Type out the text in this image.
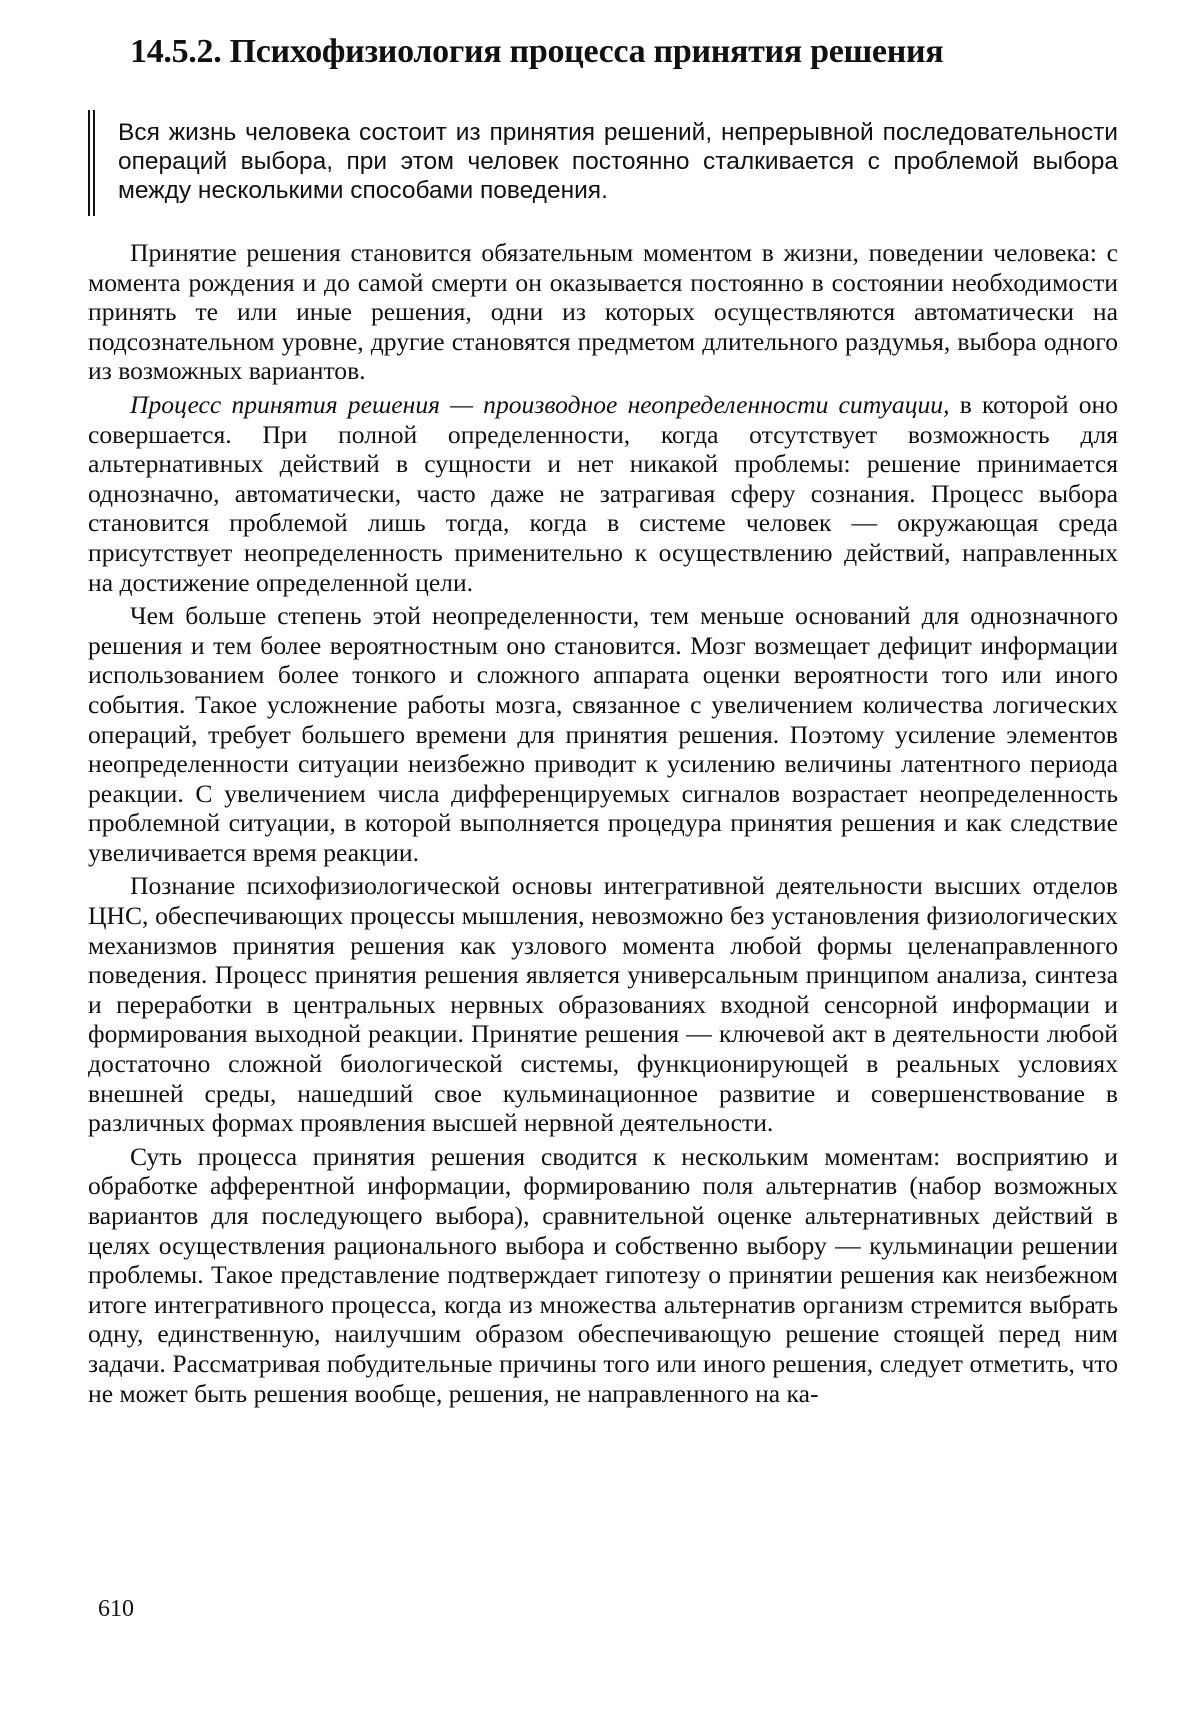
14.5.2. Психофизиология процесса принятия решения
Вся жизнь человека состоит из принятия решений, непрерывной последовательности операций выбора, при этом человек постоянно сталкивается с проблемой выбора между несколькими способами поведения.

Принятие решения становится обязательным моментом в жизни, поведении человека: с момента рождения и до самой смерти он оказывается постоянно в состоянии необходимости принять те или иные решения, одни из которых осуществляются автоматически на подсознательном уровне, другие становятся предметом длительного раздумья, выбора одного из возможных вариантов.

Процесс принятия решения — производное неопределенности ситуации, в которой оно совершается. При полной определенности, когда отсутствует возможность для альтернативных действий в сущности и нет никакой проблемы: решение принимается однозначно, автоматически, часто даже не затрагивая сферу сознания. Процесс выбора становится проблемой лишь тогда, когда в системе человек — окружающая среда присутствует неопределенность применительно к осуществлению действий, направленных на достижение определенной цели.

Чем больше степень этой неопределенности, тем меньше оснований для однозначного решения и тем более вероятностным оно становится. Мозг возмещает дефицит информации использованием более тонкого и сложного аппарата оценки вероятности того или иного события. Такое усложнение работы мозга, связанное с увеличением количества логических операций, требует большего времени для принятия решения. Поэтому усиление элементов неопределенности ситуации неизбежно приводит к усилению величины латентного периода реакции. С увеличением числа дифференцируемых сигналов возрастает неопределенность проблемной ситуации, в которой выполняется процедура принятия решения и как следствие увеличивается время реакции.

Познание психофизиологической основы интегративной деятельности высших отделов ЦНС, обеспечивающих процессы мышления, невозможно без установления физиологических механизмов принятия решения как узлового момента любой формы целенаправленного поведения. Процесс принятия решения является универсальным принципом анализа, синтеза и переработки в центральных нервных образованиях входной сенсорной информации и формирования выходной реакции. Принятие решения — ключевой акт в деятельности любой достаточно сложной биологической системы, функционирующей в реальных условиях внешней среды, нашедший свое кульминационное развитие и совершенствование в различных формах проявления высшей нервной деятельности.

Суть процесса принятия решения сводится к нескольким моментам: восприятию и обработке афферентной информации, формированию поля альтернатив (набор возможных вариантов для последующего выбора), сравнительной оценке альтернативных действий в целях осуществления рационального выбора и собственно выбору — кульминации решении проблемы. Такое представление подтверждает гипотезу о принятии решения как неизбежном итоге интегративного процесса, когда из множества альтернатив организм стремится выбрать одну, единственную, наилучшим образом обеспечивающую решение стоящей перед ним задачи. Рассматривая побудительные причины того или иного решения, следует отметить, что не может быть решения вообще, решения, не направленного на ка-

610
